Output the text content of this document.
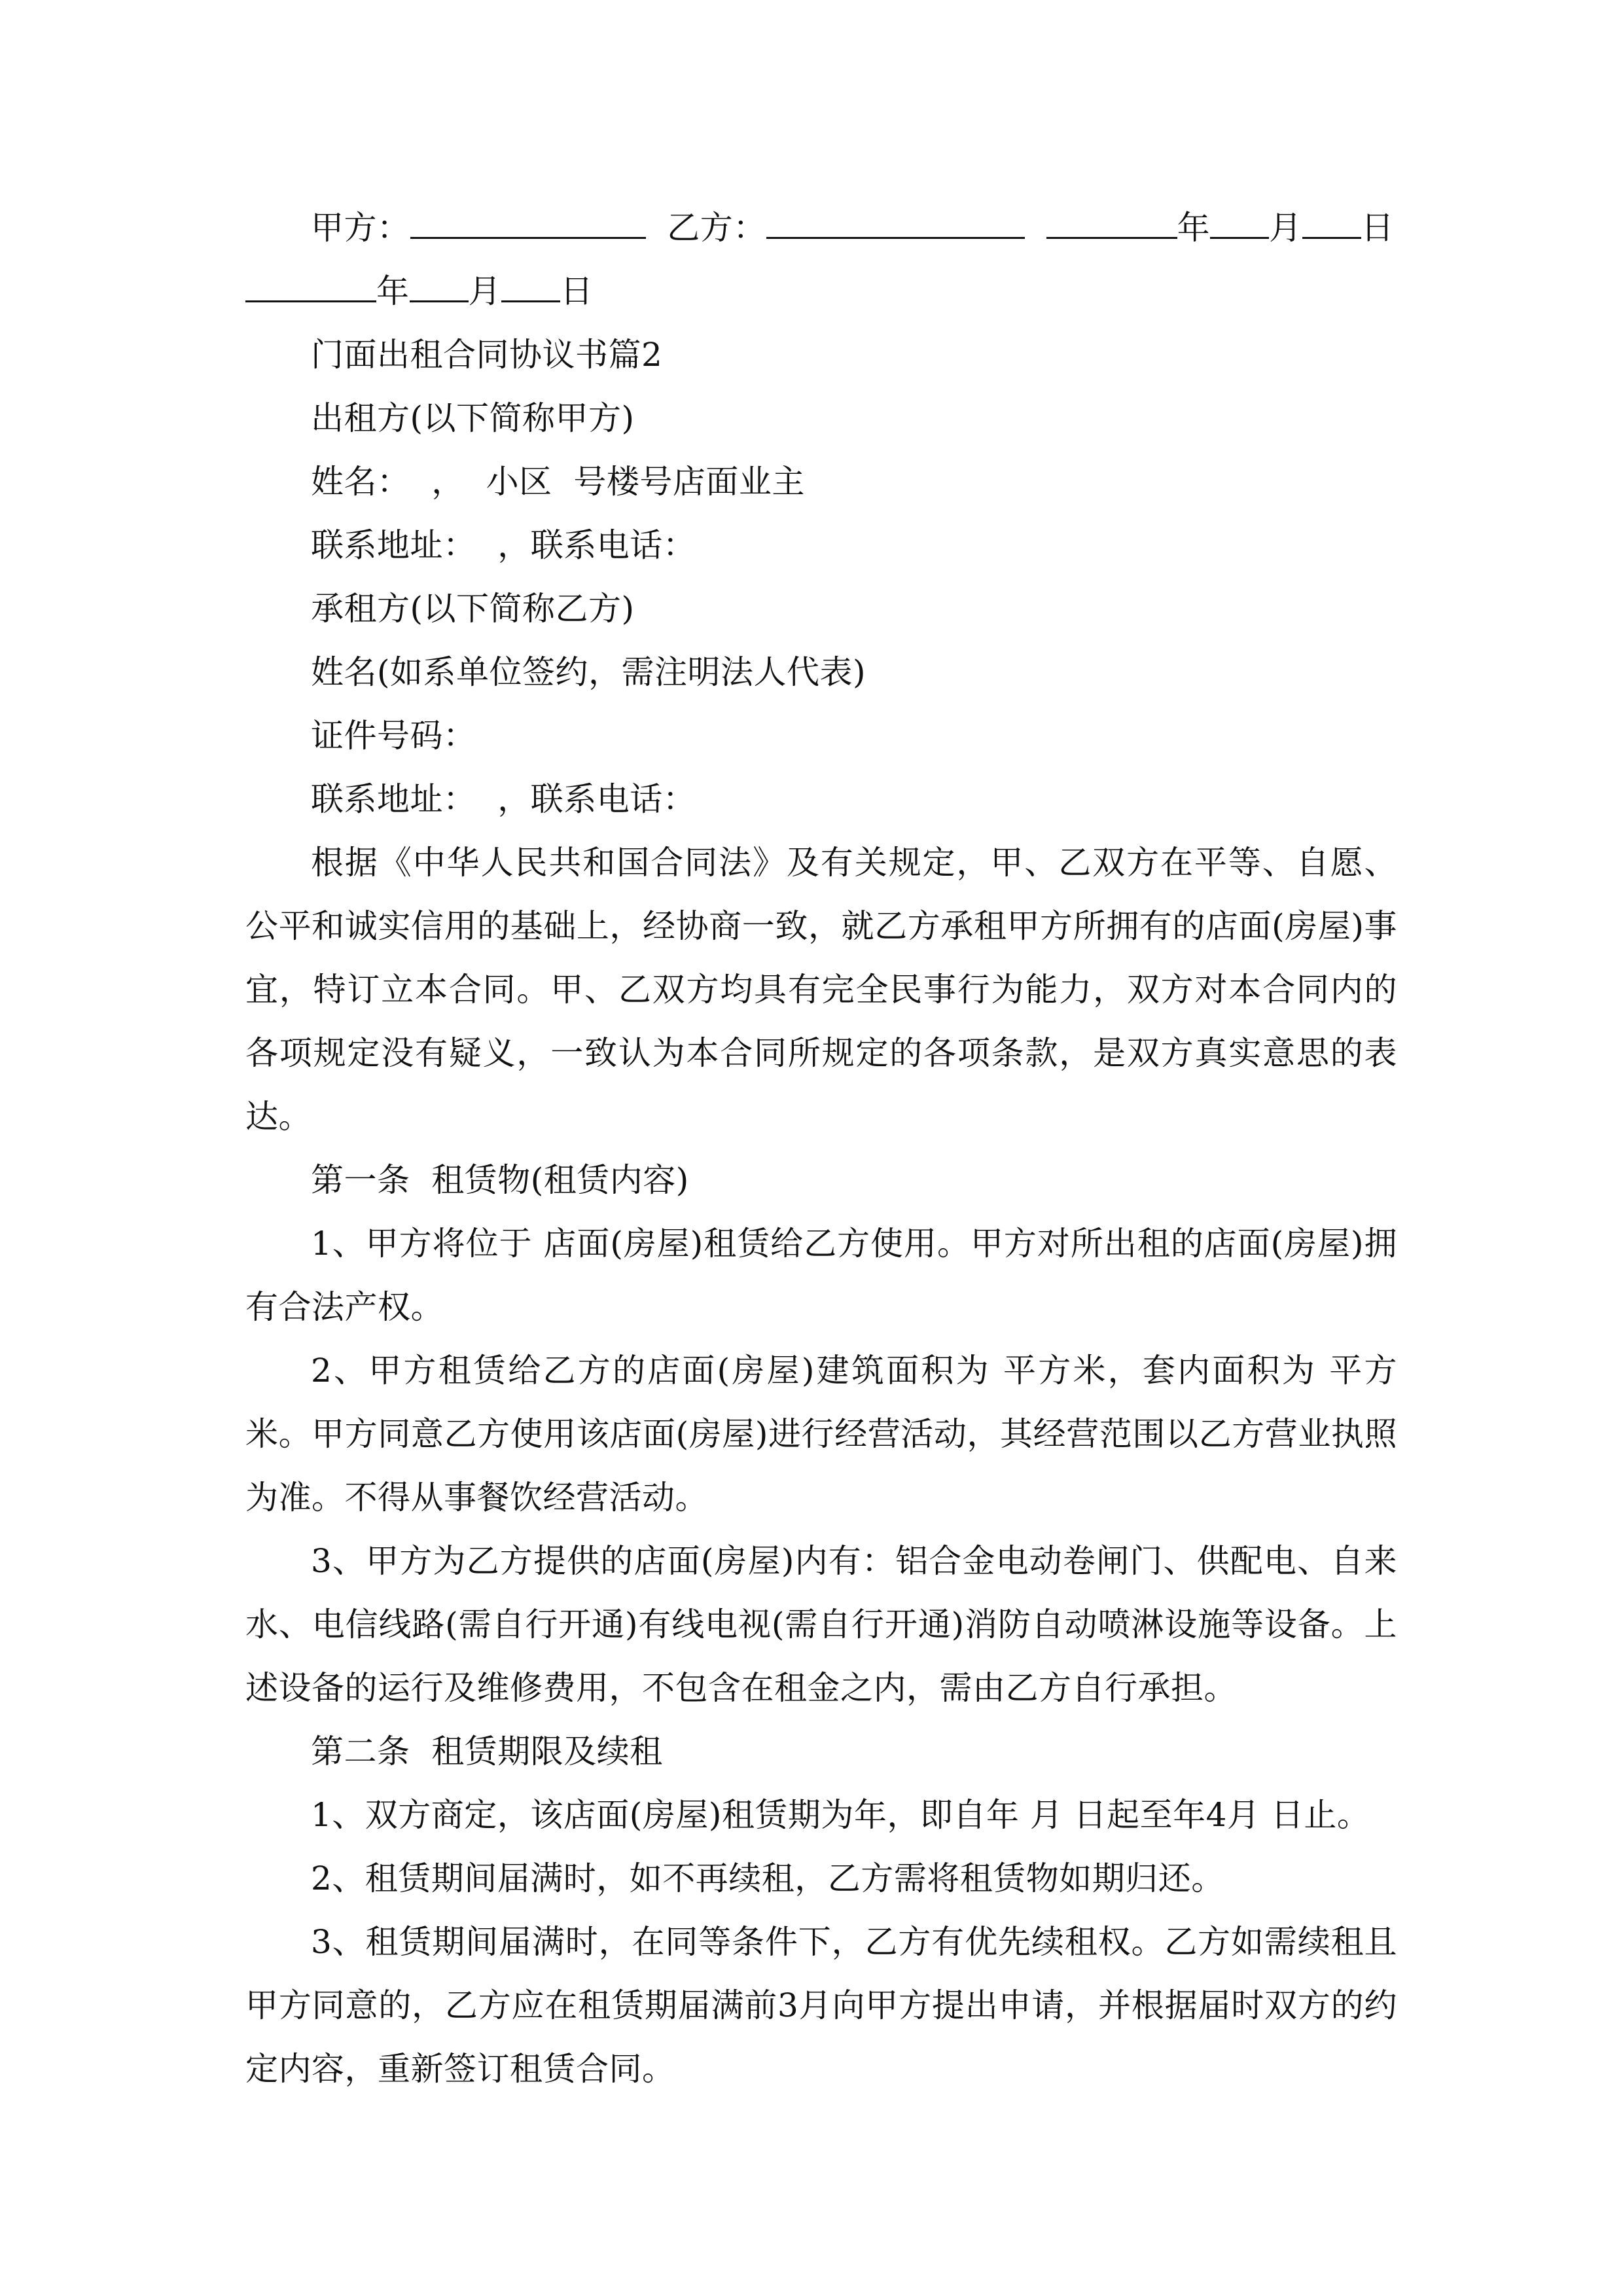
甲方：	乙方：	年 月 日
年 月 日
门面出租合同协议书篇2
出租方(以下简称甲方)
姓名：  ，  小区  号楼号店面业主
联系地址：  ，联系电话：
承租方(以下简称乙方)
姓名(如系单位签约，需注明法人代表)
证件号码：
联系地址：  ，联系电话：

根据《中华人民共和国合同法》及有关规定，甲、乙双方在平等、自愿、公平和诚实信用的基础上，经协商一致，就乙方承租甲方所拥有的店面(房屋)事宜，特订立本合同。甲、乙双方均具有完全民事行为能力，双方对本合同内的各项规定没有疑义，一致认为本合同所规定的各项条款，是双方真实意思的表达。

第一条  租赁物(租赁内容)

1、甲方将位于 店面(房屋)租赁给乙方使用。甲方对所出租的店面(房屋)拥有合法产权。

2、甲方租赁给乙方的店面(房屋)建筑面积为 平方米，套内面积为 平方米。甲方同意乙方使用该店面(房屋)进行经营活动，其经营范围以乙方营业执照为准。不得从事餐饮经营活动。

3、甲方为乙方提供的店面(房屋)内有：铝合金电动卷闸门、供配电、自来水、电信线路(需自行开通)有线电视(需自行开通)消防自动喷淋设施等设备。上述设备的运行及维修费用，不包含在租金之内，需由乙方自行承担。

第二条  租赁期限及续租

1、双方商定，该店面(房屋)租赁期为年，即自年 月 日起至年4月 日止。

2、租赁期间届满时，如不再续租，乙方需将租赁物如期归还。

3、租赁期间届满时，在同等条件下，乙方有优先续租权。乙方如需续租且甲方同意的，乙方应在租赁期届满前3月向甲方提出申请，并根据届时双方的约定内容，重新签订租赁合同。
